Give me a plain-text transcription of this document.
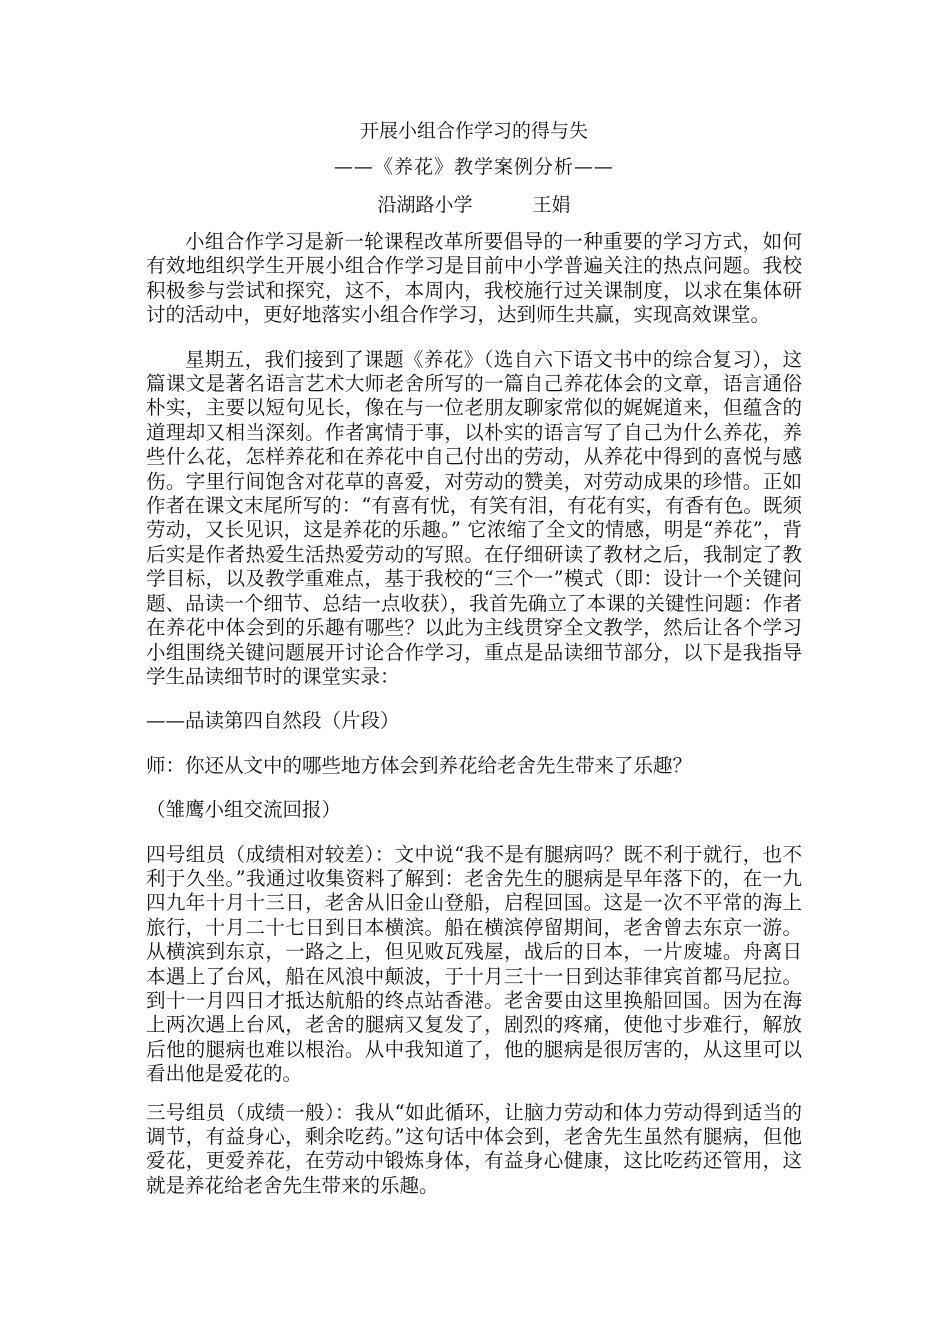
开展小组合作学习的得与失

——《养花》教学案例分析——

沿湖路小学	王娟

小组合作学习是新一轮课程改革所要倡导的一种重要的学习方式，如何有效地组织学生开展小组合作学习是目前中小学普遍关注的热点问题。我校积极参与尝试和探究，这不，本周内，我校施行过关课制度，以求在集体研讨的活动中，更好地落实小组合作学习，达到师生共赢，实现高效课堂。

星期五，我们接到了课题《养花》（选自六下语文书中的综合复习），这篇课文是著名语言艺术大师老舍所写的一篇自己养花体会的文章，语言通俗朴实，主要以短句见长，像在与一位老朋友聊家常似的娓娓道来，但蕴含的道理却又相当深刻。作者寓情于事，以朴实的语言写了自己为什么养花，养些什么花，怎样养花和在养花中自己付出的劳动，从养花中得到的喜悦与感伤。字里行间饱含对花草的喜爱，对劳动的赞美，对劳动成果的珍惜。正如作者在课文末尾所写的：“有喜有忧，有笑有泪，有花有实，有香有色。既须劳动，又长见识，这是养花的乐趣。” 它浓缩了全文的情感，明是“养花”，背后实是作者热爱生活热爱劳动的写照。在仔细研读了教材之后，我制定了教学目标，以及教学重难点，基于我校的“三个一”模式（即：设计一个关键问题、品读一个细节、总结一点收获），我首先确立了本课的关键性问题：作者在养花中体会到的乐趣有哪些？以此为主线贯穿全文教学，然后让各个学习小组围绕关键问题展开讨论合作学习，重点是品读细节部分，以下是我指导学生品读细节时的课堂实录：

——品读第四自然段（片段）

师：你还从文中的哪些地方体会到养花给老舍先生带来了乐趣？

（雏鹰小组交流回报）

四号组员（成绩相对较差）：文中说“我不是有腿病吗？既不利于就行，也不利于久坐。”我通过收集资料了解到：老舍先生的腿病是早年落下的，在一九四九年十月十三日，老舍从旧金山登船，启程回国。这是一次不平常的海上旅行，十月二十七日到日本横滨。船在横滨停留期间，老舍曾去东京一游。从横滨到东京，一路之上，但见败瓦残屋，战后的日本，一片废墟。舟离日本遇上了台风，船在风浪中颠波，于十月三十一日到达菲律宾首都马尼拉。到十一月四日才抵达航船的终点站香港。老舍要由这里换船回国。因为在海上两次遇上台风，老舍的腿病又复发了，剧烈的疼痛，使他寸步难行，解放后他的腿病也难以根治。从中我知道了，他的腿病是很厉害的，从这里可以看出他是爱花的。

三号组员（成绩一般）：我从“如此循环，让脑力劳动和体力劳动得到适当的调节，有益身心，剩余吃药。”这句话中体会到，老舍先生虽然有腿病，但他爱花，更爱养花，在劳动中锻炼身体，有益身心健康，这比吃药还管用，这就是养花给老舍先生带来的乐趣。
